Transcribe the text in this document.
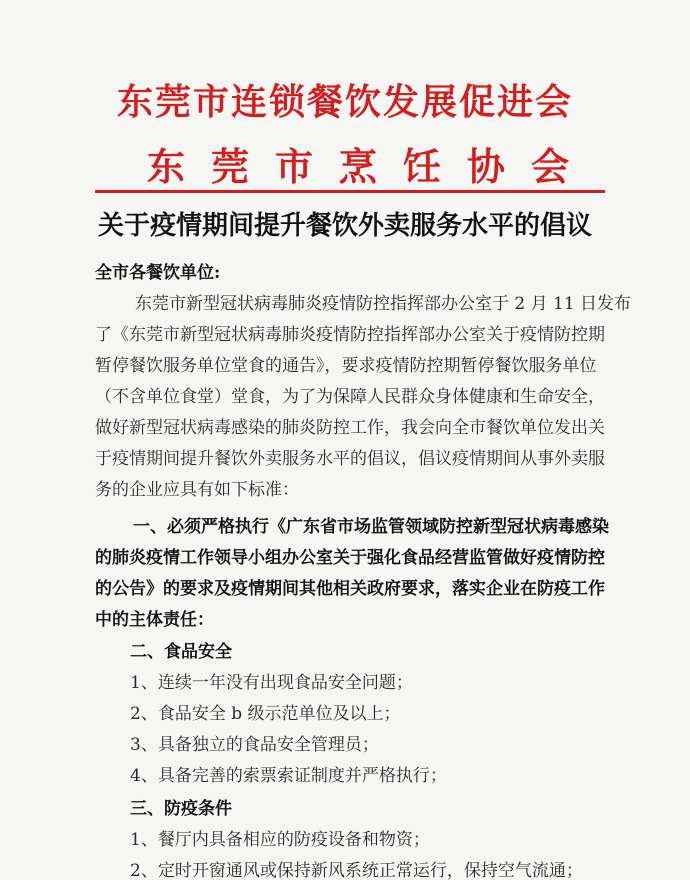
东莞市连锁餐饮发展促进会
东莞市烹饪协会
关于疫情期间提升餐饮外卖服务水平的倡议
全市各餐饮单位:
东莞市新型冠状病毒肺炎疫情防控指挥部办公室于 2 月 11 日发布
了《东莞市新型冠状病毒肺炎疫情防控指挥部办公室关于疫情防控期
暂停餐饮服务单位堂食的通告》，要求疫情防控期暂停餐饮服务单位
（不含单位食堂）堂食，为了为保障人民群众身体健康和生命安全，
做好新型冠状病毒感染的肺炎防控工作，我会向全市餐饮单位发出关
于疫情期间提升餐饮外卖服务水平的倡议，倡议疫情期间从事外卖服
务的企业应具有如下标准：
一、必须严格执行《广东省市场监管领域防控新型冠状病毒感染
的肺炎疫情工作领导小组办公室关于强化食品经营监管做好疫情防控
的公告》的要求及疫情期间其他相关政府要求，落实企业在防疫工作
中的主体责任：
二、食品安全
1、连续一年没有出现食品安全问题；
2、食品安全 b 级示范单位及以上；
3、具备独立的食品安全管理员；
4、具备完善的索票索证制度并严格执行；
三、防疫条件
1、餐厅内具备相应的防疫设备和物资；
2、定时开窗通风或保持新风系统正常运行，保持空气流通；
